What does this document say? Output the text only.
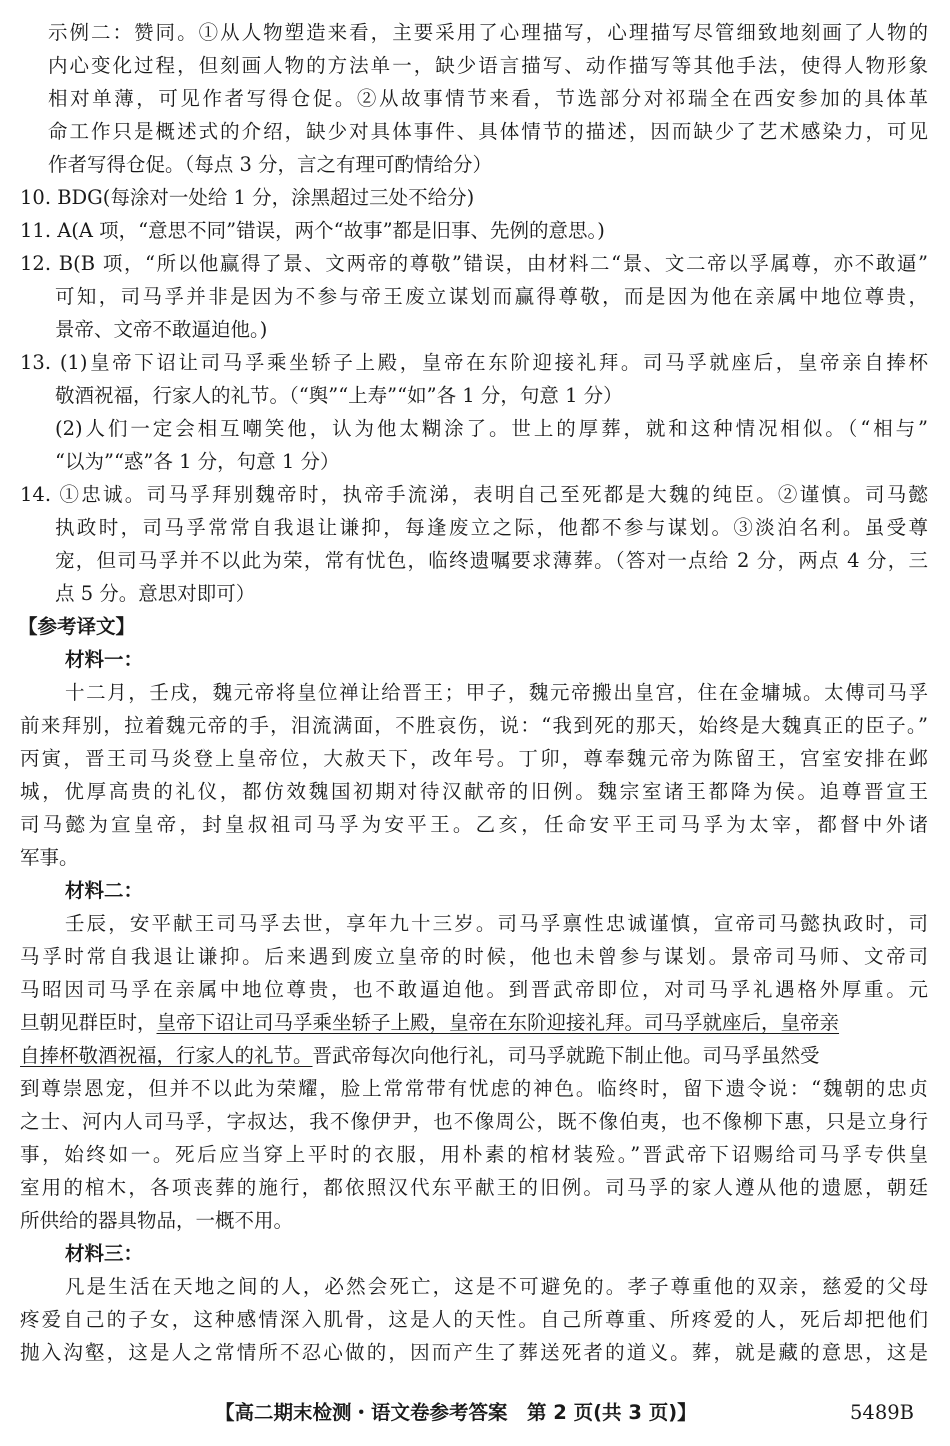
示例二：赞同。①从人物塑造来看，主要采用了心理描写，心理描写尽管细致地刻画了人物的
内心变化过程，但刻画人物的方法单一，缺少语言描写、动作描写等其他手法，使得人物形象
相对单薄，可见作者写得仓促。②从故事情节来看，节选部分对祁瑞全在西安参加的具体革
命工作只是概述式的介绍，缺少对具体事件、具体情节的描述，因而缺少了艺术感染力，可见
作者写得仓促。（每点 3 分，言之有理可酌情给分）
10. BDG(每涂对一处给 1 分，涂黑超过三处不给分)
11. A(A 项，“意思不同”错误，两个“故事”都是旧事、先例的意思。)
12. B(B 项，“所以他赢得了景、文两帝的尊敬”错误，由材料二“景、文二帝以孚属尊，亦不敢逼”
可知，司马孚并非是因为不参与帝王废立谋划而赢得尊敬，而是因为他在亲属中地位尊贵，
景帝、文帝不敢逼迫他。)
13. (1)皇帝下诏让司马孚乘坐轿子上殿，皇帝在东阶迎接礼拜。司马孚就座后，皇帝亲自捧杯
敬酒祝福，行家人的礼节。（“舆”“上寿”“如”各 1 分，句意 1 分）
(2)人们一定会相互嘲笑他，认为他太糊涂了。世上的厚葬，就和这种情况相似。（“相与”
“以为”“惑”各 1 分，句意 1 分）
14. ①忠诚。司马孚拜别魏帝时，执帝手流涕，表明自己至死都是大魏的纯臣。②谨慎。司马懿
执政时，司马孚常常自我退让谦抑，每逢废立之际，他都不参与谋划。③淡泊名利。虽受尊
宠，但司马孚并不以此为荣，常有忧色，临终遗嘱要求薄葬。（答对一点给 2 分，两点 4 分，三
点 5 分。意思对即可）
【参考译文】
材料一：
十二月，壬戌，魏元帝将皇位禅让给晋王；甲子，魏元帝搬出皇宫，住在金墉城。太傅司马孚
前来拜别，拉着魏元帝的手，泪流满面，不胜哀伤，说：“我到死的那天，始终是大魏真正的臣子。”
丙寅，晋王司马炎登上皇帝位，大赦天下，改年号。丁卯，尊奉魏元帝为陈留王，宫室安排在邺
城，优厚高贵的礼仪，都仿效魏国初期对待汉献帝的旧例。魏宗室诸王都降为侯。追尊晋宣王
司马懿为宣皇帝，封皇叔祖司马孚为安平王。乙亥，任命安平王司马孚为太宰，都督中外诸
军事。
材料二：
壬辰，安平献王司马孚去世，享年九十三岁。司马孚禀性忠诚谨慎，宣帝司马懿执政时，司
马孚时常自我退让谦抑。后来遇到废立皇帝的时候，他也未曾参与谋划。景帝司马师、文帝司
马昭因司马孚在亲属中地位尊贵，也不敢逼迫他。到晋武帝即位，对司马孚礼遇格外厚重。元
旦朝见群臣时，皇帝下诏让司马孚乘坐轿子上殿，皇帝在东阶迎接礼拜。司马孚就座后，皇帝亲
自捧杯敬酒祝福，行家人的礼节。晋武帝每次向他行礼，司马孚就跪下制止他。司马孚虽然受
到尊崇恩宠，但并不以此为荣耀，脸上常常带有忧虑的神色。临终时，留下遗令说：“魏朝的忠贞
之士、河内人司马孚，字叔达，我不像伊尹，也不像周公，既不像伯夷，也不像柳下惠，只是立身行
事，始终如一。死后应当穿上平时的衣服，用朴素的棺材装殓。”晋武帝下诏赐给司马孚专供皇
室用的棺木，各项丧葬的施行，都依照汉代东平献王的旧例。司马孚的家人遵从他的遗愿，朝廷
所供给的器具物品，一概不用。
材料三：
凡是生活在天地之间的人，必然会死亡，这是不可避免的。孝子尊重他的双亲，慈爱的父母
疼爱自己的子女，这种感情深入肌骨，这是人的天性。自己所尊重、所疼爱的人，死后却把他们
抛入沟壑，这是人之常情所不忍心做的，因而产生了葬送死者的道义。葬，就是藏的意思，这是
【高二期末检测・语文卷参考答案　第 2 页(共 3 页)】	5489B
